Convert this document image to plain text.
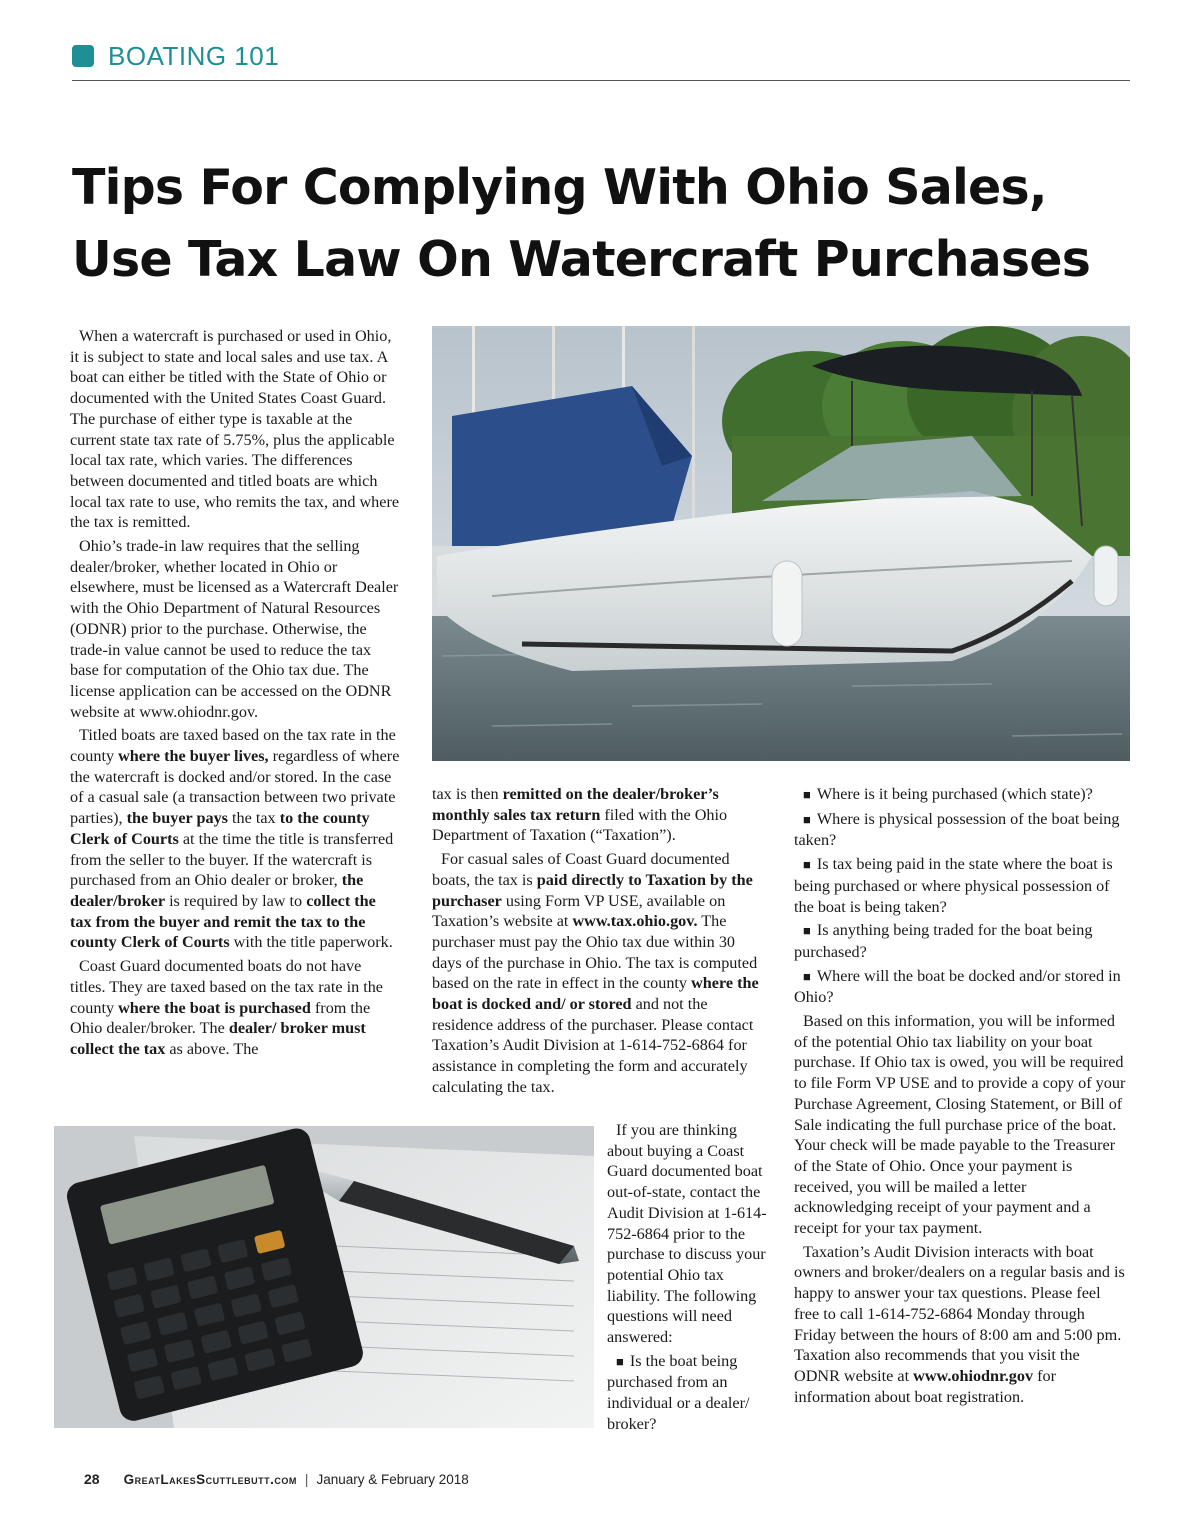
BOATING 101
Tips For Complying With Ohio Sales,
Use Tax Law On Watercraft Purchases

When a watercraft is purchased or used in Ohio, it is subject to state and local sales and use tax. A boat can either be titled with the State of Ohio or documented with the United States Coast Guard. The purchase of either type is taxable at the current state tax rate of 5.75%, plus the applicable local tax rate, which varies. The differences between documented and titled boats are which local tax rate to use, who remits the tax, and where the tax is remitted.

Ohio’s trade-in law requires that the selling dealer/broker, whether located in Ohio or elsewhere, must be licensed as a Watercraft Dealer with the Ohio Department of Natural Resources (ODNR) prior to the purchase. Otherwise, the trade-in value cannot be used to reduce the tax base for computation of the Ohio tax due. The license application can be accessed on the ODNR website at www.ohiodnr.gov.

Titled boats are taxed based on the tax rate in the county where the buyer lives, regardless of where the watercraft is docked and/or stored. In the case of a casual sale (a transaction between two private parties), the buyer pays the tax to the county Clerk of Courts at the time the title is transferred from the seller to the buyer. If the watercraft is purchased from an Ohio dealer or broker, the dealer/broker is required by law to collect the tax from the buyer and remit the tax to the county Clerk of Courts with the title paperwork.

Coast Guard documented boats do not have titles. They are taxed based on the tax rate in the county where the boat is purchased from the Ohio dealer/broker. The dealer/ broker must collect the tax as above. The

tax is then remitted on the dealer/broker’s monthly sales tax return filed with the Ohio Department of Taxation (“Taxation”).

For casual sales of Coast Guard documented boats, the tax is paid directly to Taxation by the purchaser using Form VP USE, available on Taxation’s website at www.tax.ohio.gov. The purchaser must pay the Ohio tax due within 30 days of the purchase in Ohio. The tax is computed based on the rate in effect in the county where the boat is docked and/ or stored and not the residence address of the purchaser. Please contact Taxation’s Audit Division at 1-614-752-6864 for assistance in completing the form and accurately calculating the tax.

If you are thinking about buying a Coast Guard documented boat out-of-state, contact the Audit Division at 1-614-752-6864 prior to the purchase to discuss your potential Ohio tax liability. The following questions will need answered:

■ Is the boat being purchased from an individual or a dealer/ broker?

■ Where is it being purchased (which state)?

■ Where is physical possession of the boat being taken?

■ Is tax being paid in the state where the boat is being purchased or where physical possession of the boat is being taken?

■ Is anything being traded for the boat being purchased?

■ Where will the boat be docked and/or stored in Ohio?

Based on this information, you will be informed of the potential Ohio tax liability on your boat purchase. If Ohio tax is owed, you will be required to file Form VP USE and to provide a copy of your Purchase Agreement, Closing Statement, or Bill of Sale indicating the full purchase price of the boat. Your check will be made payable to the Treasurer of the State of Ohio. Once your payment is received, you will be mailed a letter acknowledging receipt of your payment and a receipt for your tax payment.

Taxation’s Audit Division interacts with boat owners and broker/dealers on a regular basis and is happy to answer your tax questions. Please feel free to call 1-614-752-6864 Monday through Friday between the hours of 8:00 am and 5:00 pm. Taxation also recommends that you visit the ODNR website at www.ohiodnr.gov for information about boat registration.

28 GreatLakesScuttlebutt.com | January & February 2018
